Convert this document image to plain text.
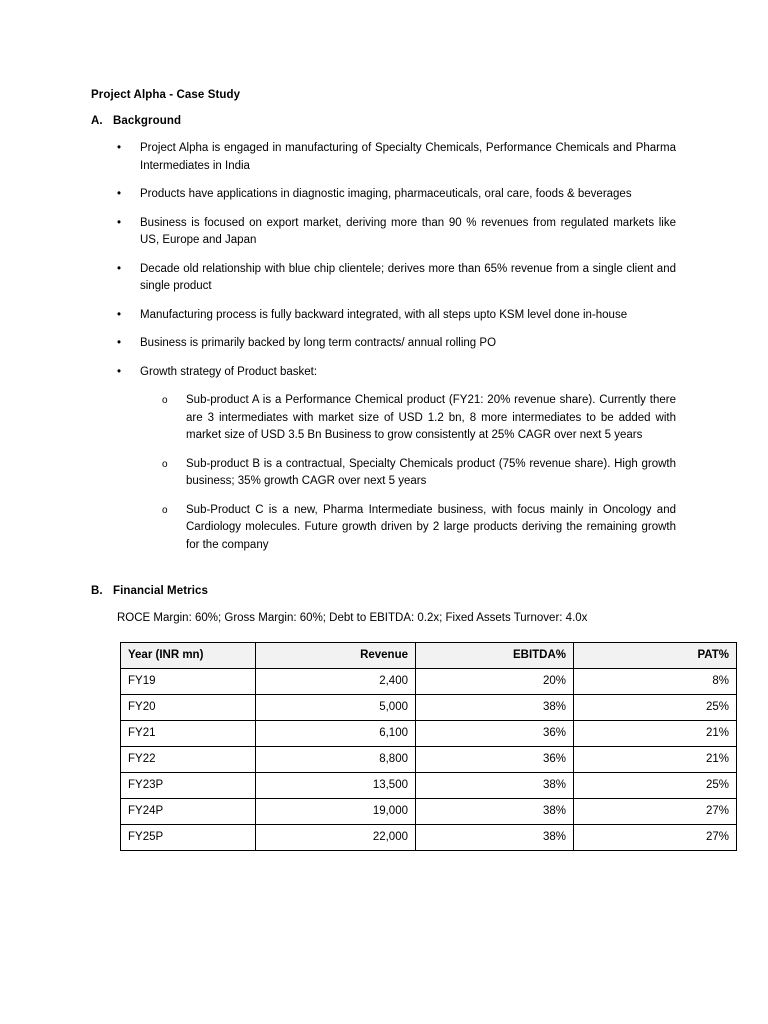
Project Alpha - Case Study
A. Background
• Project Alpha is engaged in manufacturing of Specialty Chemicals, Performance Chemicals and Pharma Intermediates in India
• Products have applications in diagnostic imaging, pharmaceuticals, oral care, foods & beverages
• Business is focused on export market, deriving more than 90 % revenues from regulated markets like US, Europe and Japan
• Decade old relationship with blue chip clientele; derives more than 65% revenue from a single client and single product
• Manufacturing process is fully backward integrated, with all steps upto KSM level done in-house
• Business is primarily backed by long term contracts/ annual rolling PO
• Growth strategy of Product basket:
o Sub-product A is a Performance Chemical product (FY21: 20% revenue share). Currently there are 3 intermediates with market size of USD 1.2 bn, 8 more intermediates to be added with market size of USD 3.5 Bn Business to grow consistently at 25% CAGR over next 5 years
o Sub-product B is a contractual, Specialty Chemicals product (75% revenue share). High growth business; 35% growth CAGR over next 5 years
o Sub-Product C is a new, Pharma Intermediate business, with focus mainly in Oncology and Cardiology molecules. Future growth driven by 2 large products deriving the remaining growth for the company
B. Financial Metrics
ROCE Margin: 60%; Gross Margin: 60%; Debt to EBITDA: 0.2x; Fixed Assets Turnover: 4.0x
Year (INR mn)	Revenue	EBITDA%	PAT%
FY19	2,400	20%	8%
FY20	5,000	38%	25%
FY21	6,100	36%	21%
FY22	8,800	36%	21%
FY23P	13,500	38%	25%
FY24P	19,000	38%	27%
FY25P	22,000	38%	27%
